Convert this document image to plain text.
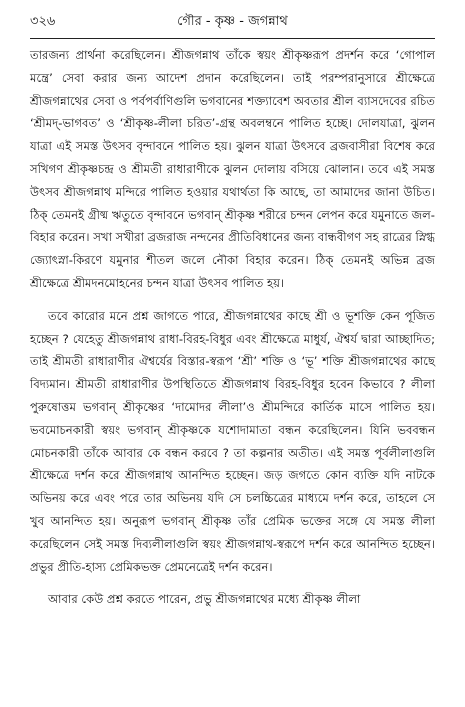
৩২৬	গৌর - কৃষ্ণ - জগন্নাথ

তারজন্য প্রার্থনা করেছিলেন। শ্রীজগন্নাথ তাঁকে স্বয়ং শ্রীকৃষ্ণরূপ প্রদর্শন করে ‘গোপাল মন্ত্রে’ সেবা করার জন্য আদেশ প্রদান করেছিলেন। তাই পরম্পরানুসারে শ্রীক্ষেত্রে শ্রীজগন্নাথের সেবা ও পর্বপর্বাণিগুলি ভগবানের শক্ত্যাবেশ অবতার শ্রীল ব্যাসদেবের রচিত ‘শ্রীমদ্-ভাগবত’ ও ‘শ্রীকৃষ্ণ-লীলা চরিত’-গ্রন্থ অবলম্বনে পালিত হচ্ছে। দোলযাত্রা, ঝুলন যাত্রা এই সমস্ত উৎসব বৃন্দাবনে পালিত হয়। ঝুলন যাত্রা উৎসবে ব্রজবাসীরা বিশেষ করে সখিগণ শ্রীকৃষ্ণচন্দ্র ও শ্রীমতী রাধারাণীকে ঝুলন দোলায় বসিয়ে ঝোলান। তবে এই সমস্ত উৎসব শ্রীজগন্নাথ মন্দিরে পালিত হওয়ার যথার্থতা কি আছে, তা আমাদের জানা উচিত। ঠিক্ তেমনই গ্রীষ্ম ঋতুতে বৃন্দাবনে ভগবান্ শ্রীকৃষ্ণ শরীরে চন্দন লেপন করে যমুনাতে জল-বিহার করেন। সখা সখীরা ব্রজরাজ নন্দনের প্রীতিবিধানের জন্য বান্ধবীগণ সহ রাত্রের স্নিগ্ধ জ্যোৎস্না-কিরণে যমুনার শীতল জলে নৌকা বিহার করেন। ঠিক্ তেমনই অভিন্ন ব্রজ শ্রীক্ষেত্রে শ্রীমদনমোহনের চন্দন যাত্রা উৎসব পালিত হয়।

তবে কারোর মনে প্রশ্ন জাগতে পারে, শ্রীজগন্নাথের কাছে শ্রী ও ভূশক্তি কেন পূজিত হচ্ছেন ? যেহেতু শ্রীজগন্নাথ রাধা-বিরহ-বিধুর এবং শ্রীক্ষেত্রে মাধুর্য, ঐশ্বর্য দ্বারা আচ্ছাদিত; তাই শ্রীমতী রাধারাণীর ঐশ্বর্যের বিস্তার-স্বরূপ ‘শ্রী’ শক্তি ও ‘ভূ’ শক্তি শ্রীজগন্নাথের কাছে বিদ্যমান। শ্রীমতী রাধারাণীর উপস্থিতিতে শ্রীজগন্নাথ বিরহ-বিধুর হবেন কিভাবে ? লীলা পুরুষোত্তম ভগবান্ শ্রীকৃষ্ণের ‘দামোদর লীলা’ও শ্রীমন্দিরে কার্তিক মাসে পালিত হয়। ভবমোচনকারী স্বয়ং ভগবান্ শ্রীকৃষ্ণকে যশোদামাতা বন্ধন করেছিলেন। যিনি ভববন্ধন মোচনকারী তাঁকে আবার কে বন্ধন করবে ? তা কল্পনার অতীত। এই সমস্ত পূর্বলীলাগুলি শ্রীক্ষেত্রে দর্শন করে শ্রীজগন্নাথ আনন্দিত হচ্ছেন। জড় জগতে কোন ব্যক্তি যদি নাটকে অভিনয় করে এবং পরে তার অভিনয় যদি সে চলচ্চিত্রের মাধ্যমে দর্শন করে, তাহলে সে খুব আনন্দিত হয়। অনুরূপ ভগবান্ শ্রীকৃষ্ণ তাঁর প্রেমিক ভক্তের সঙ্গে যে সমস্ত লীলা করেছিলেন সেই সমস্ত দিব্যলীলাগুলি স্বয়ং শ্রীজগন্নাথ-স্বরূপে দর্শন করে আনন্দিত হচ্ছেন। প্রভুর প্রীতি-হাস্য প্রেমিকভক্ত প্রেমনেত্রেই দর্শন করেন।

আবার কেউ প্রশ্ন করতে পারেন, প্রভু শ্রীজগন্নাথের মধ্যে শ্রীকৃষ্ণ লীলা
